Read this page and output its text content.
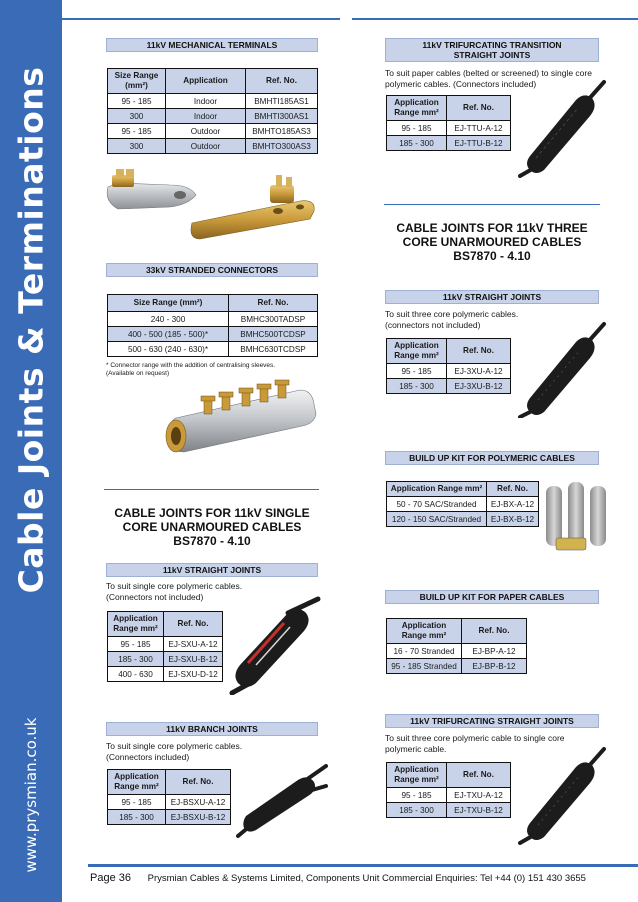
Cable Joints & Terminations
www.prysmian.co.uk
11kV MECHANICAL TERMINALS
Size Range (mm²)	Application	Ref. No.
95 - 185	Indoor	BMHTI185AS1
300	Indoor	BMHTI300AS1
95 - 185	Outdoor	BMHTO185AS3
300	Outdoor	BMHTO300AS3
33kV STRANDED CONNECTORS
Size Range (mm²)	Ref. No.
240 - 300	BMHC300TADSP
400 - 500 (185 - 500)*	BMHC500TCDSP
500 - 630 (240 - 630)*	BMHC630TCDSP
* Connector range with the addition of centralising sleeves.
(Available on request)
CABLE JOINTS FOR 11kV SINGLE
CORE UNARMOURED CABLES
BS7870 - 4.10
11kV STRAIGHT JOINTS
To suit single core polymeric cables.
(Connectors not included)
Application Range mm²	Ref. No.
95 - 185	EJ-SXU-A-12
185 - 300	EJ-SXU-B-12
400 - 630	EJ-SXU-D-12
11kV BRANCH JOINTS
To suit single core polymeric cables.
(Connectors included)
Application Range mm²	Ref. No.
95 - 185	EJ-BSXU-A-12
185 - 300	EJ-BSXU-B-12
11kV TRIFURCATING TRANSITION
STRAIGHT JOINTS
To suit paper cables (belted or screened) to single core
polymeric cables. (Connectors included)
Application Range mm²	Ref. No.
95 - 185	EJ-TTU-A-12
185 - 300	EJ-TTU-B-12
CABLE JOINTS FOR 11kV THREE
CORE UNARMOURED CABLES
BS7870 - 4.10
11kV STRAIGHT JOINTS
To suit three core polymeric cables.
(connectors not included)
Application Range mm²	Ref. No.
95 - 185	EJ-3XU-A-12
185 - 300	EJ-3XU-B-12
BUILD UP KIT FOR POLYMERIC CABLES
Application Range mm²	Ref. No.
50 - 70 SAC/Stranded	EJ-BX-A-12
120 - 150 SAC/Stranded	EJ-BX-B-12
BUILD UP KIT FOR PAPER CABLES
Application Range mm²	Ref. No.
16 - 70 Stranded	EJ-BP-A-12
95 - 185 Stranded	EJ-BP-B-12
11kV TRIFURCATING STRAIGHT JOINTS
To suit three core polymeric cable to single core
polymeric cable.
Application Range mm²	Ref. No.
95 - 185	EJ-TXU-A-12
185 - 300	EJ-TXU-B-12
Page 36 Prysmian Cables & Systems Limited, Components Unit Commercial Enquiries: Tel +44 (0) 151 430 3655
